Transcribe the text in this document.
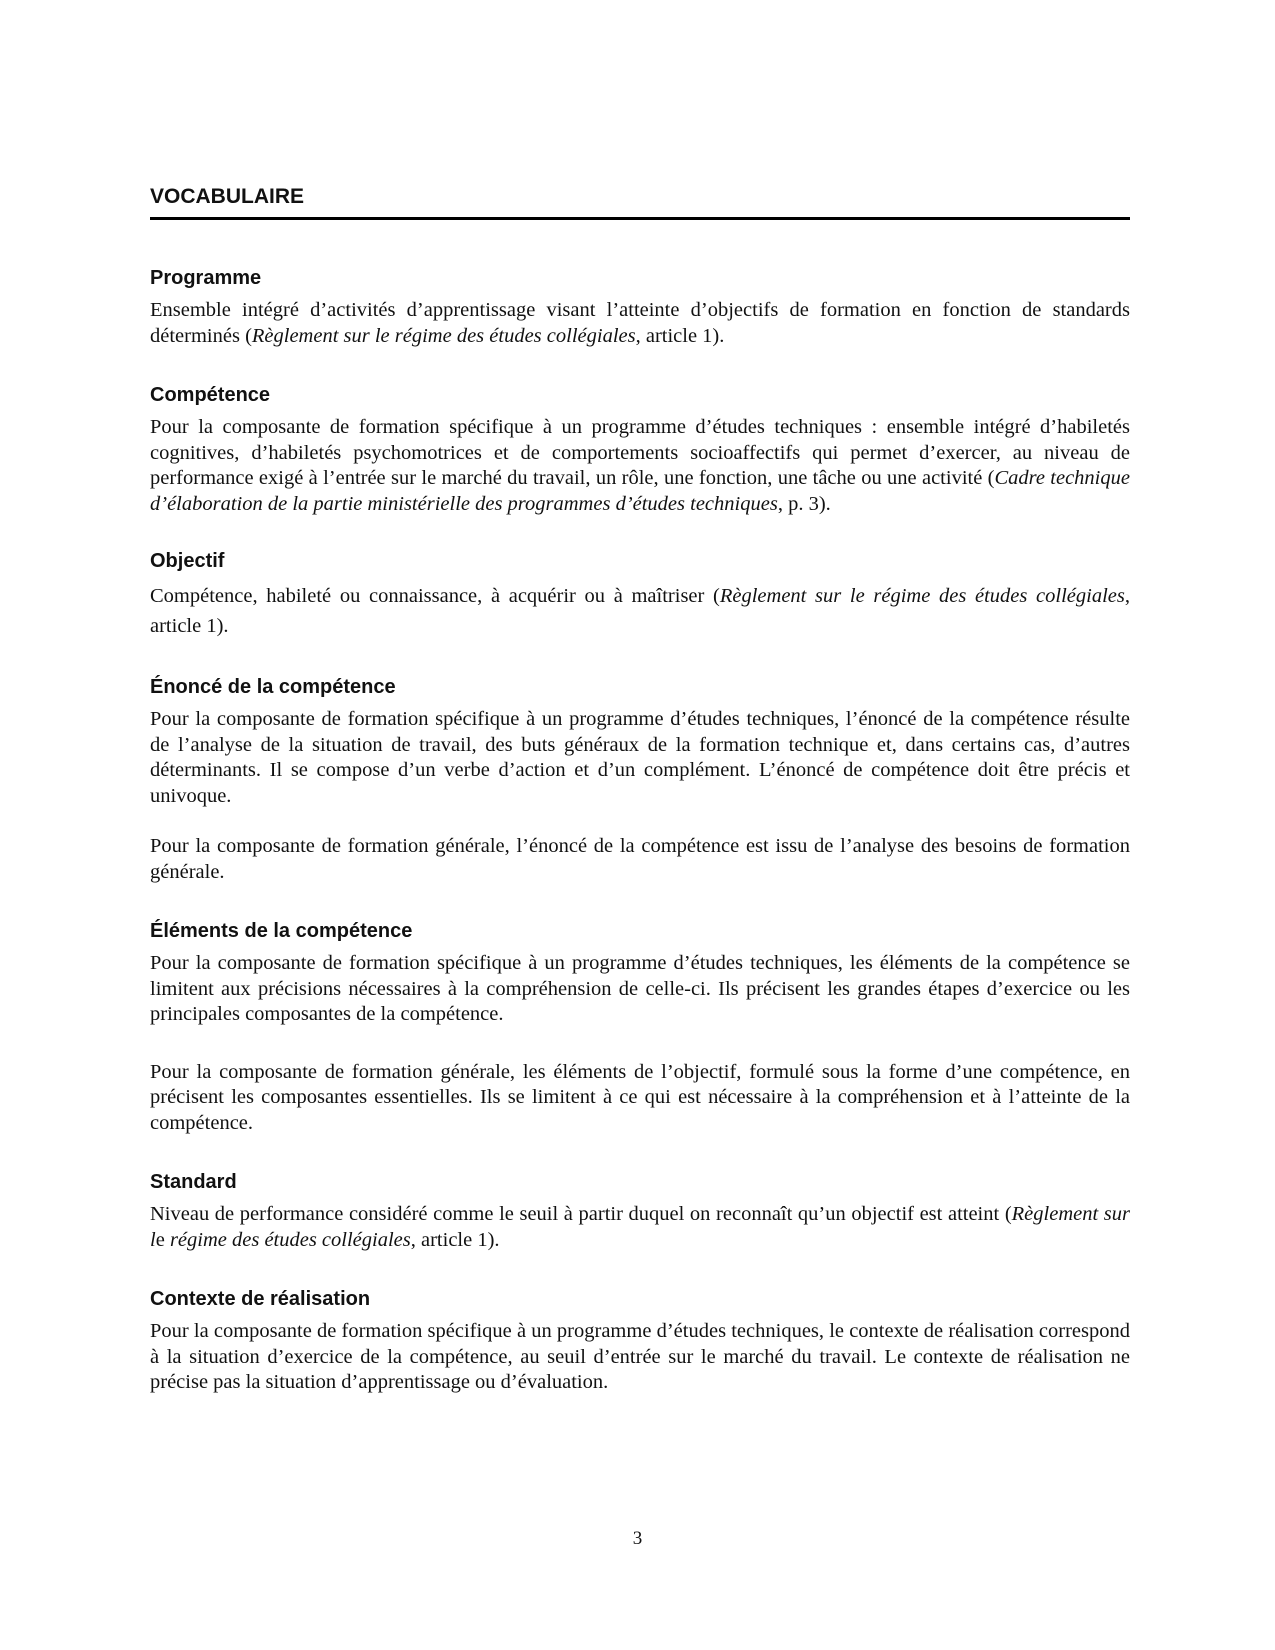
VOCABULAIRE
Programme

Ensemble intégré d’activités d’apprentissage visant l’atteinte d’objectifs de formation en fonction de standards déterminés (Règlement sur le régime des études collégiales, article 1).

Compétence

Pour la composante de formation spécifique à un programme d’études techniques : ensemble intégré d’habiletés cognitives, d’habiletés psychomotrices et de comportements socioaffectifs qui permet d’exercer, au niveau de performance exigé à l’entrée sur le marché du travail, un rôle, une fonction, une tâche ou une activité (Cadre technique d’élaboration de la partie ministérielle des programmes d’études techniques, p. 3).

Objectif

Compétence, habileté ou connaissance, à acquérir ou à maîtriser (Règlement sur le régime des études collégiales, article 1).

Énoncé de la compétence

Pour la composante de formation spécifique à un programme d’études techniques, l’énoncé de la compétence résulte de l’analyse de la situation de travail, des buts généraux de la formation technique et, dans certains cas, d’autres déterminants. Il se compose d’un verbe d’action et d’un complément. L’énoncé de compétence doit être précis et univoque.

Pour la composante de formation générale, l’énoncé de la compétence est issu de l’analyse des besoins de formation générale.

Éléments de la compétence

Pour la composante de formation spécifique à un programme d’études techniques, les éléments de la compétence se limitent aux précisions nécessaires à la compréhension de celle-ci. Ils précisent les grandes étapes d’exercice ou les principales composantes de la compétence.

Pour la composante de formation générale, les éléments de l’objectif, formulé sous la forme d’une compétence, en précisent les composantes essentielles. Ils se limitent à ce qui est nécessaire à la compréhension et à l’atteinte de la compétence.

Standard

Niveau de performance considéré comme le seuil à partir duquel on reconnaît qu’un objectif est atteint (Règlement sur le régime des études collégiales, article 1).

Contexte de réalisation

Pour la composante de formation spécifique à un programme d’études techniques, le contexte de réalisation correspond à la situation d’exercice de la compétence, au seuil d’entrée sur le marché du travail. Le contexte de réalisation ne précise pas la situation d’apprentissage ou d’évaluation.

3
